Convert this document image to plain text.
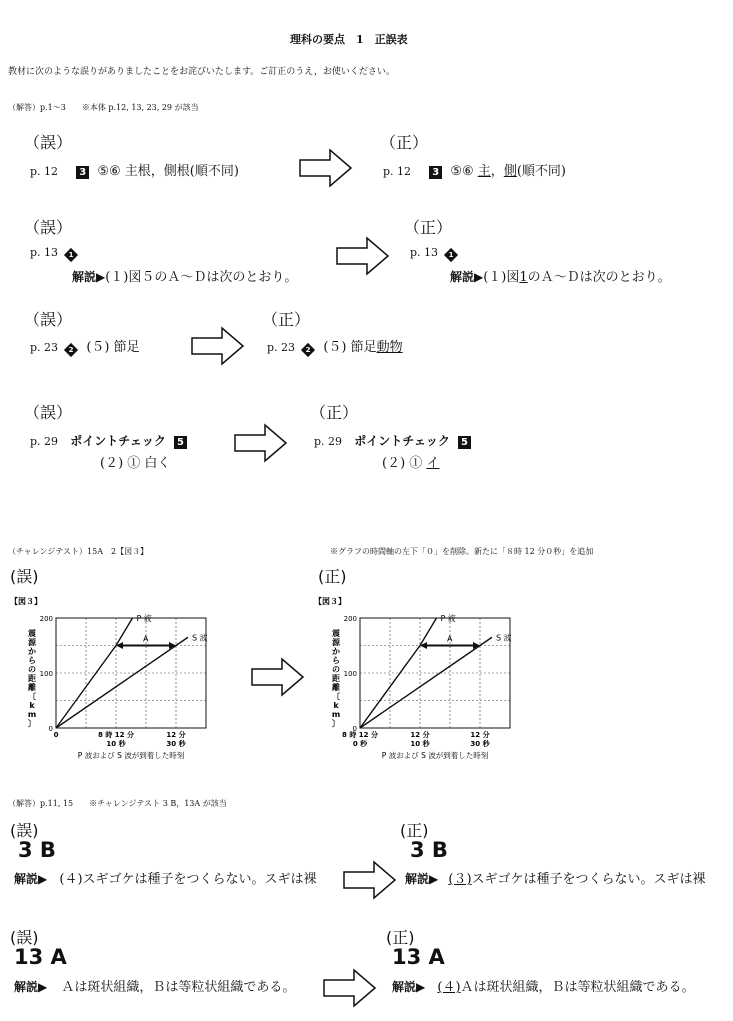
理科の要点　1　正誤表
教材に次のような誤りがありましたことをお詫びいたします。ご訂正のうえ，お使いください。
（解答）p.1～3　　※本体 p.12, 13, 23, 29 が該当
（誤）
p. 12 3 ⑤⑥ 主根，側根(順不同)
（正）
p. 12 3 ⑤⑥ 主，側(順不同)
（誤）
p. 13	1
解説▶(１)図５のＡ～Ｄは次のとおり。
（正）
p. 13	1
解説▶(１)図1のＡ～Ｄは次のとおり。
（誤）
p. 23	2 (５) 節足
（正）
p. 23	2 (５) 節足動物
（誤）
p. 29 ポイントチェック 5
(２) ① 白く
（正）
p. 29 ポイントチェック 5
(２) ① イ
（チャレンジテスト）15A　2【図３】	※グラフの時間軸の左下「０」を削除。新たに「８時 12 分０秒」を追加
(誤)	(正)
【図３】
0
100
200
震
源
か
ら
の
距
離
〔
k
m
〕
0	8 時 12 分
10 秒
12 分
30 秒
P 波および S 波が到着した時刻
P 波
S 波
A
【図３】
0
100
200
震
源
か
ら
の
距
離
〔
k
m
〕
8 時 12 分
0 秒
12 分
10 秒
12 分
30 秒
P 波および S 波が到着した時刻
P 波
S 波
A
（解答）p.11, 15　　※チャレンジテスト 3 B，13A が該当
(誤)
3 B
解説▶ (４)スギゴケは種子をつくらない。スギは裸
(正)
3 B
解説▶ (３)スギゴケは種子をつくらない。スギは裸
(誤)
13 A
解説▶ Ａは斑状組織，Ｂは等粒状組織である。
(正)
13 A
解説▶ (４)Ａは斑状組織，Ｂは等粒状組織である。
